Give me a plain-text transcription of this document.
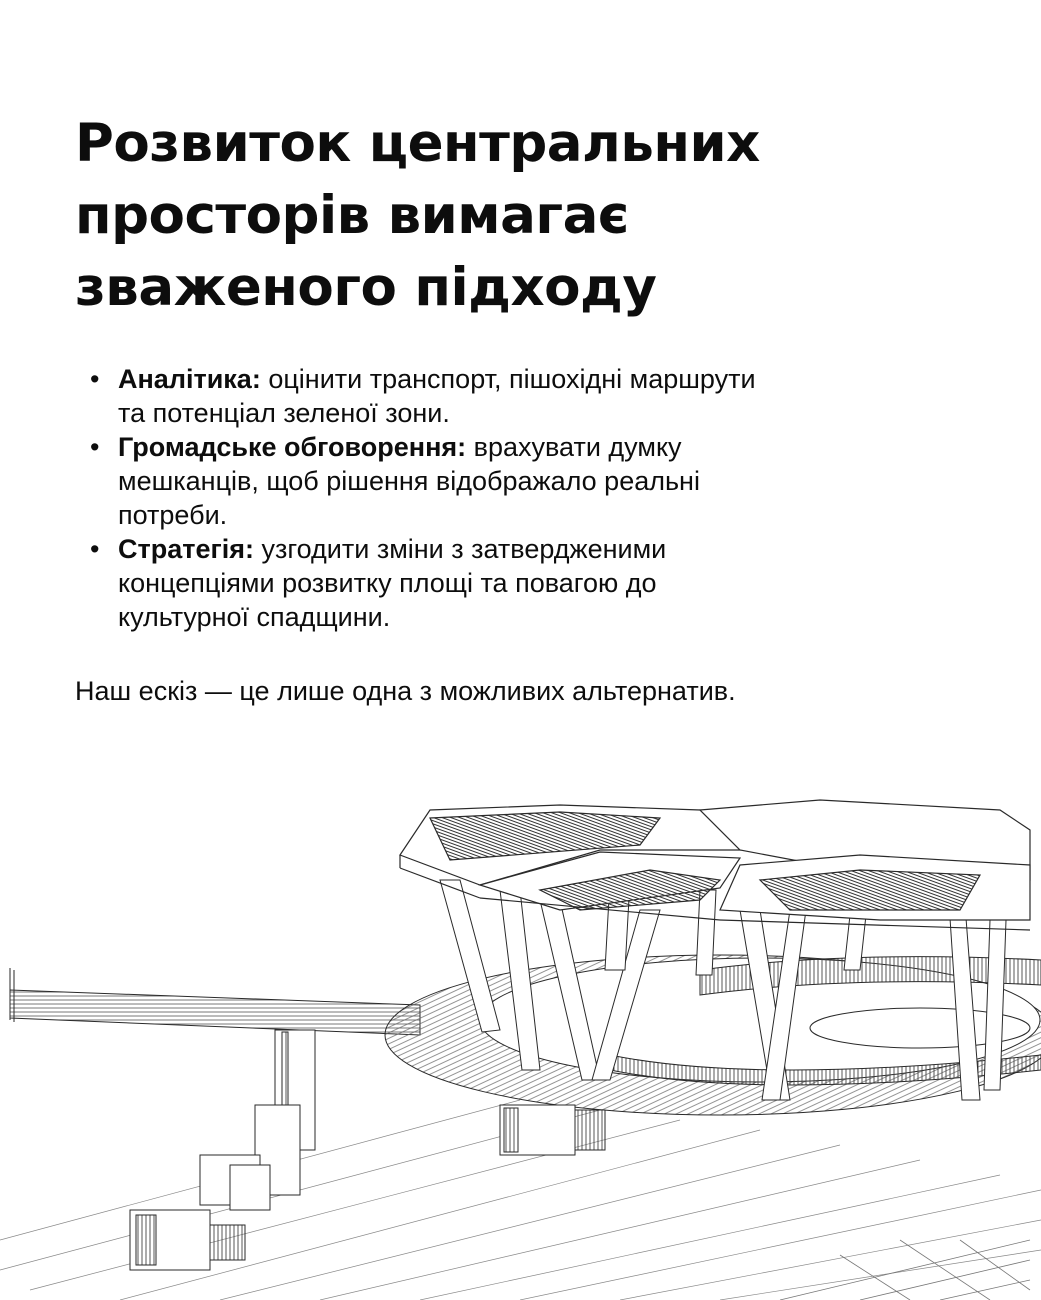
Розвиток центральних
просторів вимагає
зваженого підходу
• Аналітика: оцінити транспорт, пішохідні маршрути
та потенціал зеленої зони.
• Громадське обговорення: врахувати думку
мешканців, щоб рішення відображало реальні
потреби.
• Стратегія: узгодити зміни з затвердженими
концепціями розвитку площі та повагою до
культурної спадщини.

Наш ескіз — це лише одна з можливих альтернатив.
